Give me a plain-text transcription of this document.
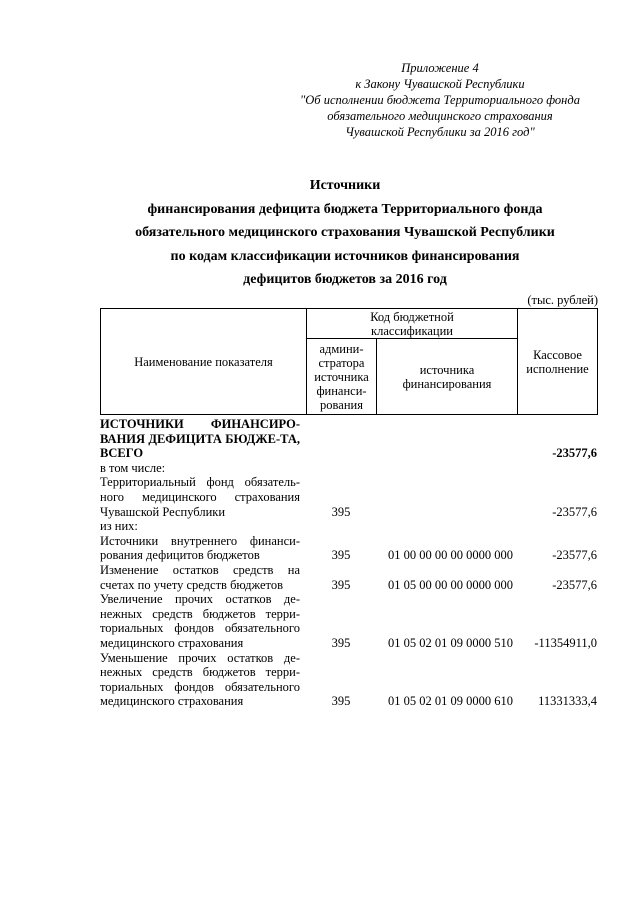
Приложение 4
к Закону Чувашской Республики
"Об исполнении бюджета Территориального фонда
обязательного медицинского страхования
Чувашской Республики за 2016 год"
Источники
финансирования дефицита бюджета Территориального фонда
обязательного медицинского страхования Чувашской Республики
по кодам классификации источников финансирования
дефицитов бюджетов за 2016 год
(тыс. рублей)
Наименование показателя	Код бюджетной классификации		Кассовое исполнение
	админи-стратора источника финанси-рования	источника финансирования	
ИСТОЧНИКИ ФИНАНСИРО-ВАНИЯ ДЕФИЦИТА БЮДЖЕ-ТА, ВСЕГО			-23577,6
в том числе:			
Территориальный фонд обязатель-ного медицинского страхования Чувашской Республики	395		-23577,6
из них:			
Источники внутреннего финанси-рования дефицитов бюджетов	395	01 00 00 00 00 0000 000	-23577,6
Изменение остатков средств на счетах по учету средств бюджетов	395	01 05 00 00 00 0000 000	-23577,6
Увеличение прочих остатков де-нежных средств бюджетов терри-ториальных фондов обязательного медицинского страхования	395	01 05 02 01 09 0000 510	-11354911,0
Уменьшение прочих остатков де-нежных средств бюджетов терри-ториальных фондов обязательного медицинского страхования	395	01 05 02 01 09 0000 610	11331333,4
